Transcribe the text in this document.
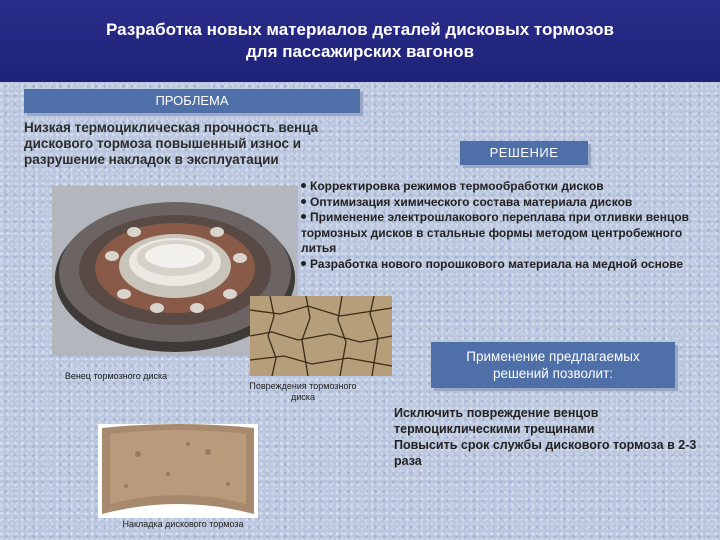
Разработка новых материалов деталей дисковых тормозов
для пассажирских вагонов
ПРОБЛЕМА
Низкая термоциклическая прочность венца дискового тормоза повышенный износ и разрушение накладок в эксплуатации	РЕШЕНИЕ
Корректировка режимов термообработки дисков
Оптимизация химического состава материала дисков
Применение электрошлакового переплава при отливки венцов тормозных дисков в стальные формы методом центробежного литья
Разработка нового порошкового материала на медной основе
Венец тормозного диска
Повреждения тормозного диска
Применение предлагаемых
решений позволит:
Исключить повреждение венцов термоциклическими трещинами
Повысить срок службы дискового тормоза в 2-3 раза
Накладка дискового тормоза
